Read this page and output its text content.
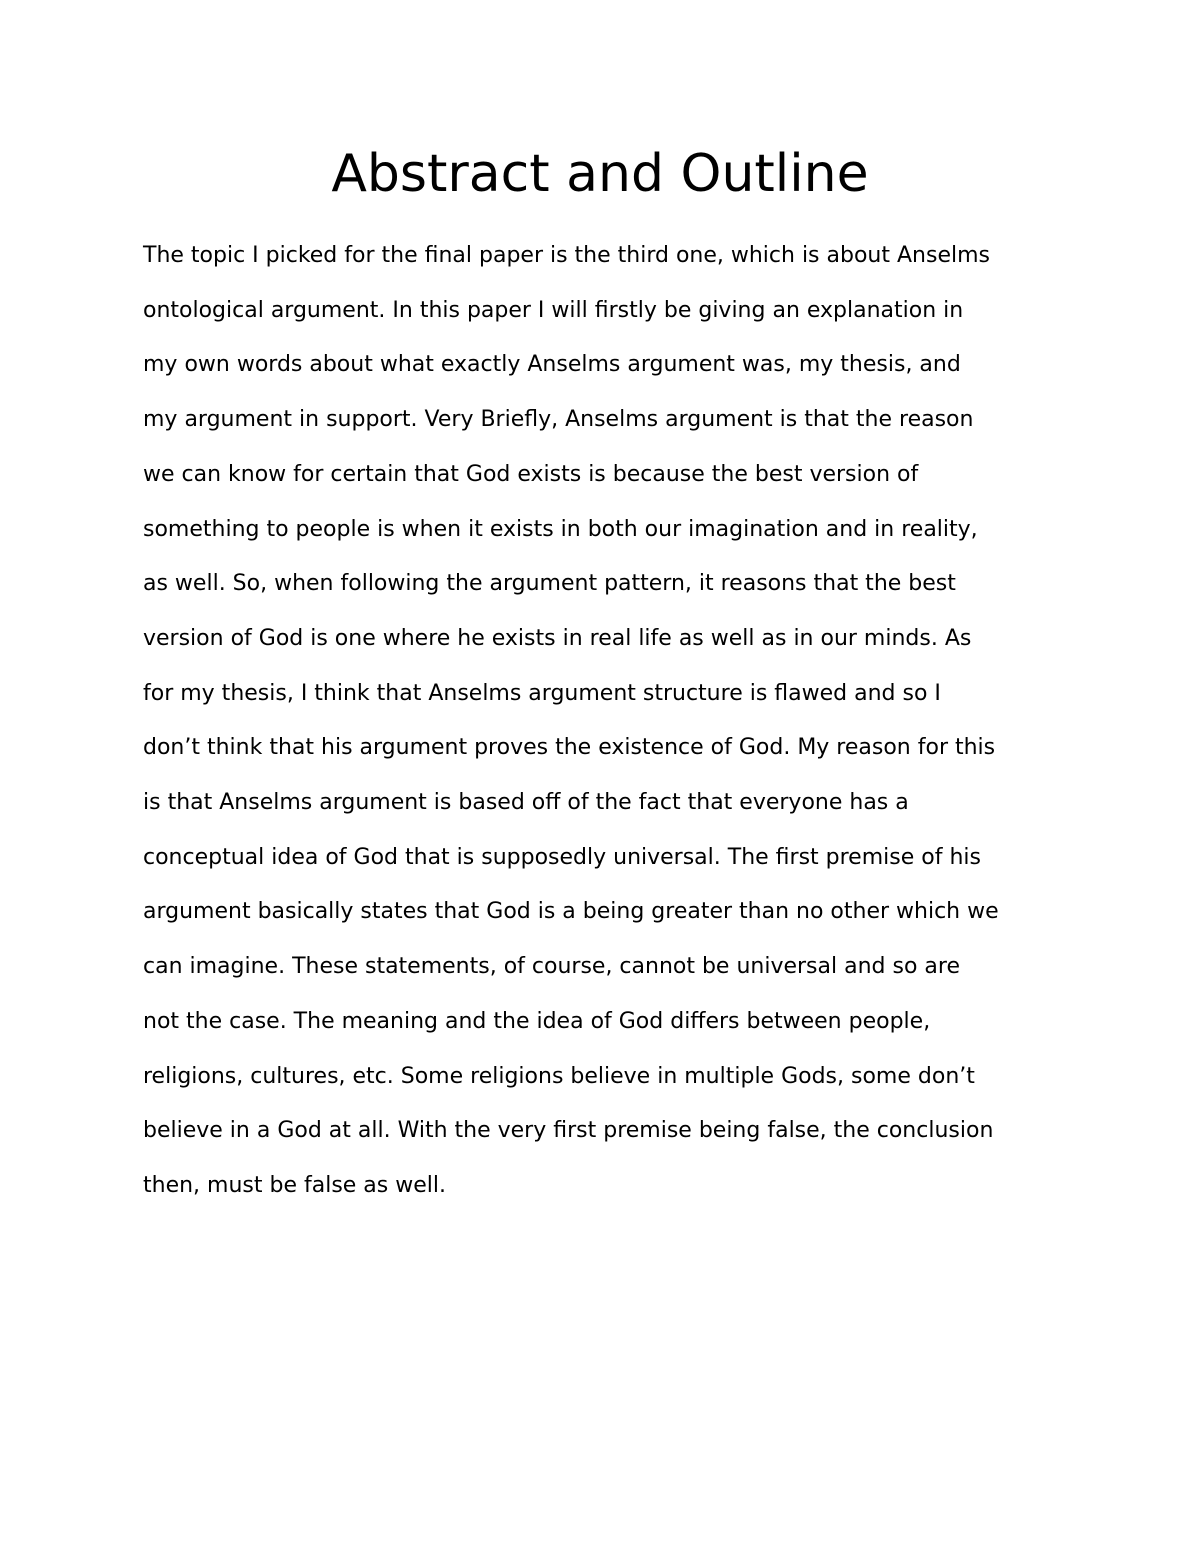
Abstract and Outline
The topic I picked for the final paper is the third one, which is about Anselms
ontological argument. In this paper I will firstly be giving an explanation in
my own words about what exactly Anselms argument was, my thesis, and
my argument in support. Very Briefly, Anselms argument is that the reason
we can know for certain that God exists is because the best version of
something to people is when it exists in both our imagination and in reality,
as well. So, when following the argument pattern, it reasons that the best
version of God is one where he exists in real life as well as in our minds. As
for my thesis, I think that Anselms argument structure is flawed and so I
don’t think that his argument proves the existence of God. My reason for this
is that Anselms argument is based off of the fact that everyone has a
conceptual idea of God that is supposedly universal. The first premise of his
argument basically states that God is a being greater than no other which we
can imagine. These statements, of course, cannot be universal and so are
not the case. The meaning and the idea of God differs between people,
religions, cultures, etc. Some religions believe in multiple Gods, some don’t
believe in a God at all. With the very first premise being false, the conclusion
then, must be false as well.
